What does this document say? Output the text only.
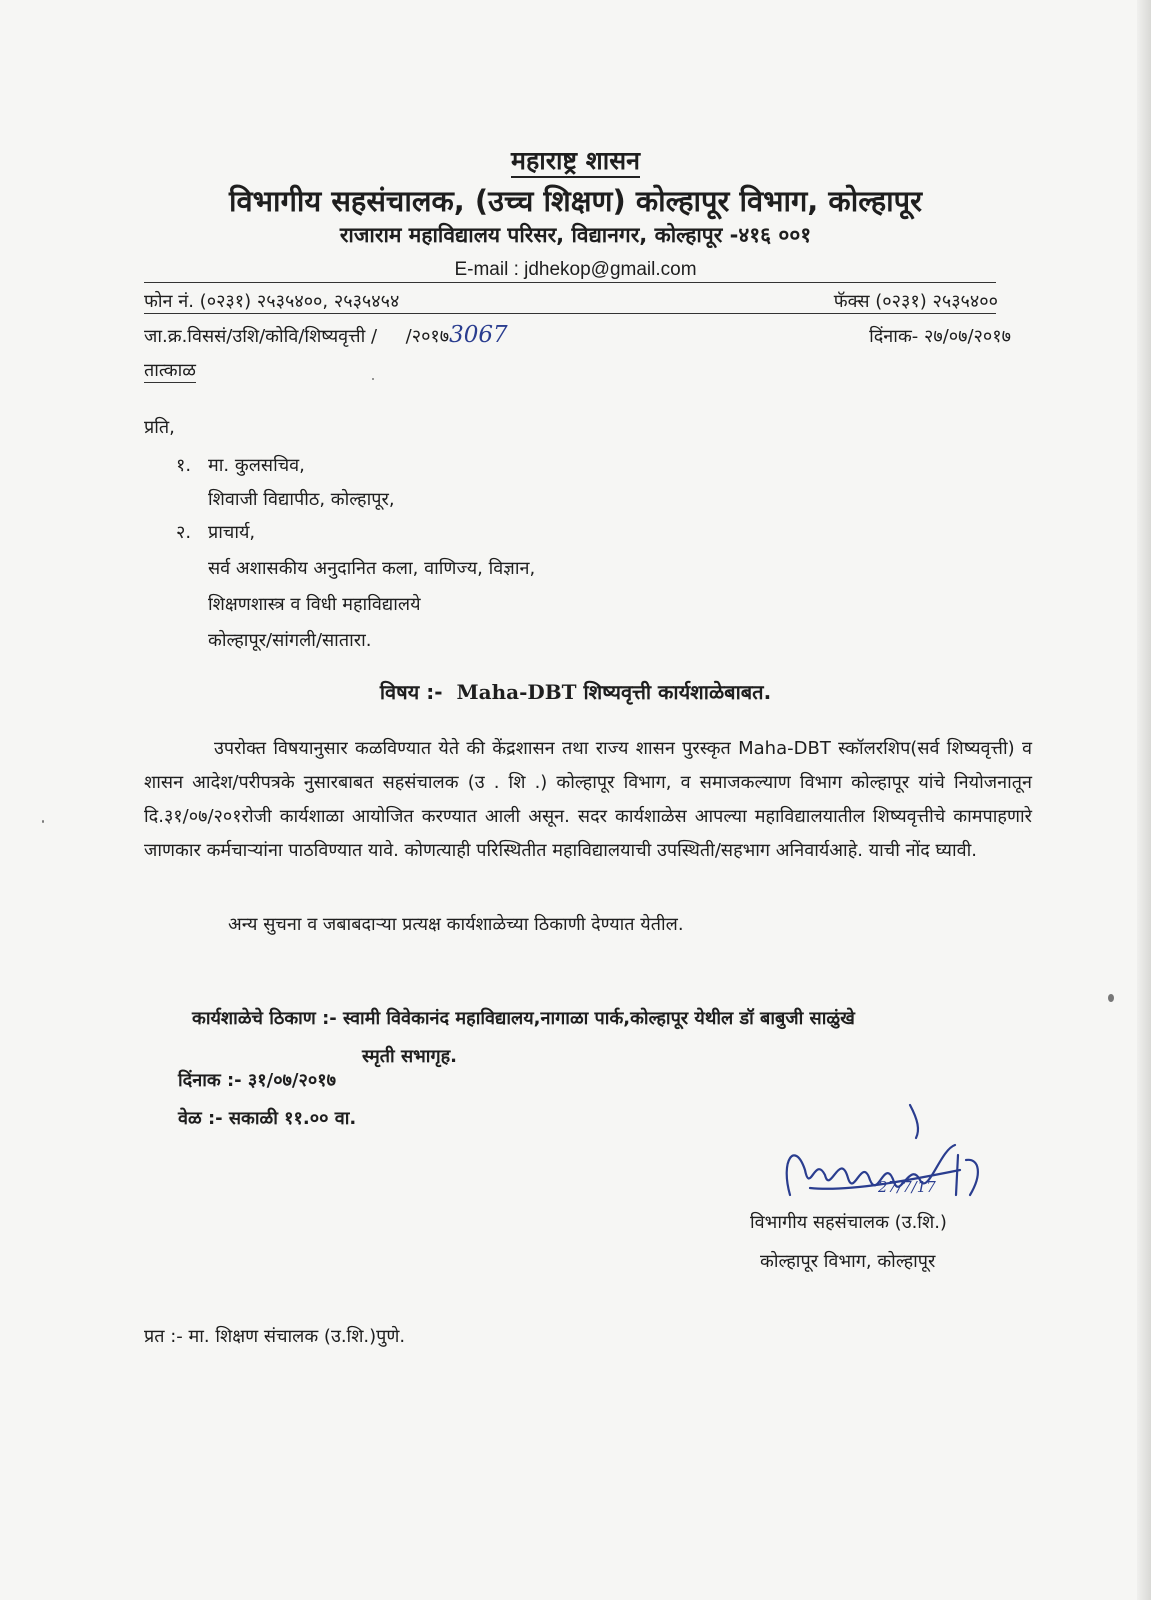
महाराष्ट्र शासन
विभागीय सहसंचालक, (उच्च शिक्षण) कोल्हापूर विभाग, कोल्हापूर
राजाराम महाविद्यालय परिसर, विद्यानगर, कोल्हापूर -४१६ ००१
E-mail : jdhekop@gmail.com
फोन नं. (०२३१) २५३५४००, २५३५४५४	फॅक्स (०२३१) २५३५४००
जा.क्र.विससं/उशि/कोवि/शिष्यवृत्ती /     /२०१७3067	दिंनाक- २७/०७/२०१७
तात्काळ
प्रति,
१. मा. कुलसचिव,
शिवाजी विद्यापीठ, कोल्हापूर,
२. प्राचार्य,
सर्व अशासकीय अनुदानित कला, वाणिज्य, विज्ञान,
शिक्षणशास्त्र व विधी महाविद्यालये
कोल्हापूर/सांगली/सातारा.
विषय :- Maha-DBT शिष्यवृत्ती कार्यशाळेबाबत.
उपरोक्त विषयानुसार कळविण्यात येते की केंद्रशासन तथा राज्य शासन पुरस्कृत Maha-DBT स्कॉलरशिप(सर्व शिष्यवृत्ती) व शासन आदेश/परीपत्रके नुसारबाबत सहसंचालक (उ . शि .) कोल्हापूर विभाग, व समाजकल्याण विभाग कोल्हापूर यांचे नियोजनातून दि.३१/०७/२०१रोजी कार्यशाळा आयोजित करण्यात आली असून. सदर कार्यशाळेस आपल्या महाविद्यालयातील शिष्यवृत्तीचे कामपाहणारे जाणकार कर्मचाऱ्यांना पाठविण्यात यावे. कोणत्याही परिस्थितीत महाविद्यालयाची उपस्थिती/सहभाग अनिवार्यआहे. याची नोंद घ्यावी.
अन्य सुचना व जबाबदाऱ्या प्रत्यक्ष कार्यशाळेच्या ठिकाणी देण्यात येतील.
कार्यशाळेचे ठिकाण :- स्वामी विवेकानंद महाविद्यालय,नागाळा पार्क,कोल्हापूर येथील डॉ बाबुजी साळुंखे
स्मृती सभागृह.
दिंनाक :- ३१/०७/२०१७
वेळ :- सकाळी ११.०० वा.
27/7/17
विभागीय सहसंचालक (उ.शि.)
कोल्हापूर विभाग, कोल्हापूर
प्रत :- मा. शिक्षण संचालक (उ.शि.)पुणे.
